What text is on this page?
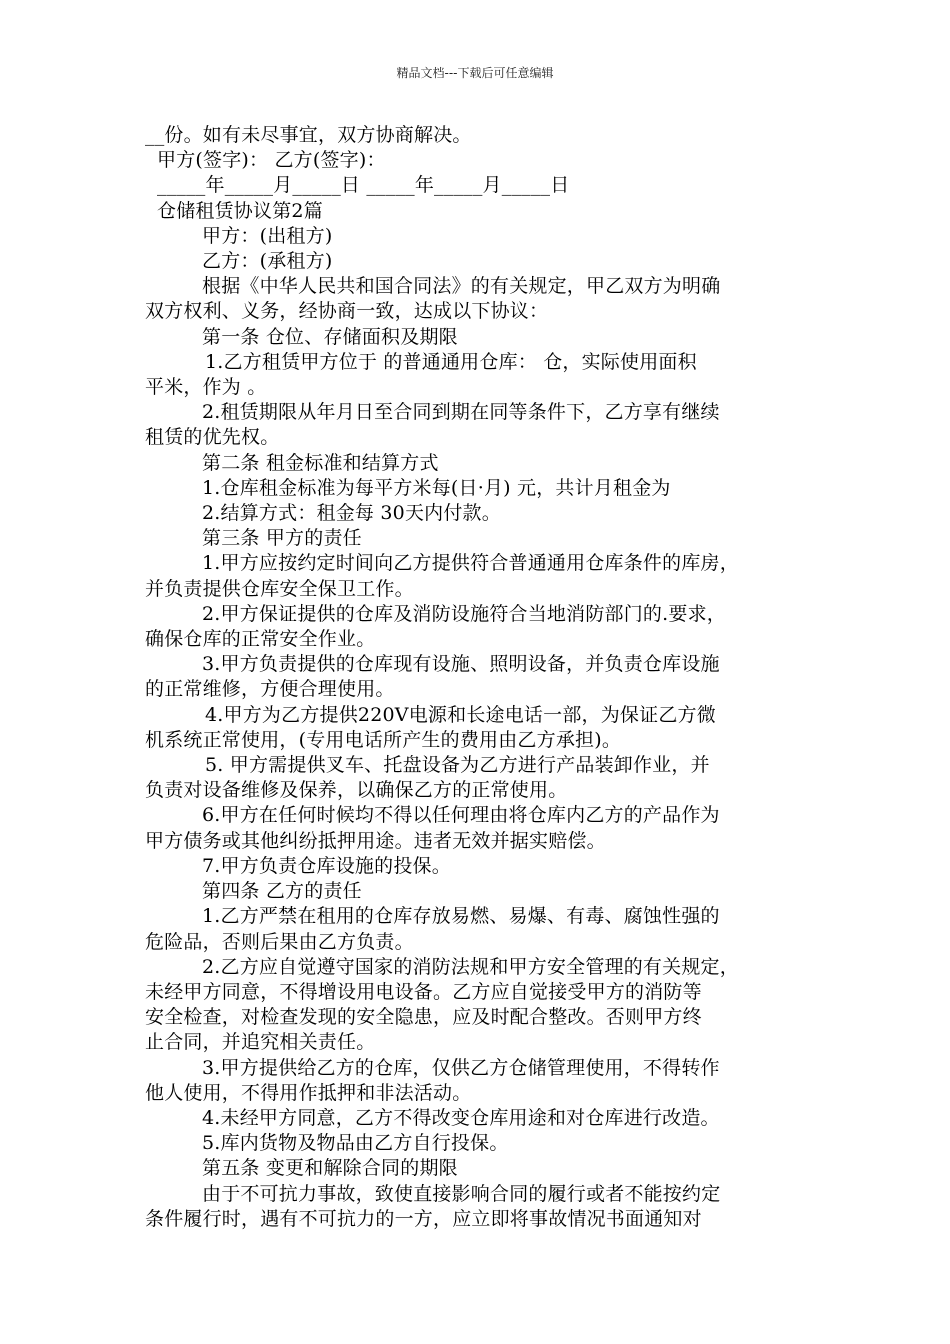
精品文档---下载后可任意编辑
__份。如有未尽事宜，双方协商解决。
甲方(签字)： 乙方(签字)：
_____年_____月_____日 _____年_____月_____日
仓储租赁协议第2篇
甲方：(出租方)
乙方：(承租方)
根据《中华人民共和国合同法》的有关规定，甲乙双方为明确
双方权利、义务，经协商一致，达成以下协议：
第一条 仓位、存储面积及期限
1.乙方租赁甲方位于 的普通通用仓库： 仓，实际使用面积
平米，作为 。
2.租赁期限从年月日至合同到期在同等条件下，乙方享有继续
租赁的优先权。
第二条 租金标准和结算方式
1.仓库租金标准为每平方米每(日·月) 元，共计月租金为
2.结算方式：租金每 30天内付款。
第三条 甲方的责任
1.甲方应按约定时间向乙方提供符合普通通用仓库条件的库房，
并负责提供仓库安全保卫工作。
2.甲方保证提供的仓库及消防设施符合当地消防部门的.要求，
确保仓库的正常安全作业。
3.甲方负责提供的仓库现有设施、照明设备，并负责仓库设施
的正常维修，方便合理使用。
4.甲方为乙方提供220V电源和长途电话一部，为保证乙方微
机系统正常使用，(专用电话所产生的费用由乙方承担)。
5. 甲方需提供叉车、托盘设备为乙方进行产品装卸作业，并
负责对设备维修及保养，以确保乙方的正常使用。
6.甲方在任何时候均不得以任何理由将仓库内乙方的产品作为
甲方债务或其他纠纷抵押用途。违者无效并据实赔偿。
7.甲方负责仓库设施的投保。
第四条 乙方的责任
1.乙方严禁在租用的仓库存放易燃、易爆、有毒、腐蚀性强的
危险品，否则后果由乙方负责。
2.乙方应自觉遵守国家的消防法规和甲方安全管理的有关规定，
未经甲方同意，不得增设用电设备。乙方应自觉接受甲方的消防等
安全检查，对检查发现的安全隐患，应及时配合整改。否则甲方终
止合同，并追究相关责任。
3.甲方提供给乙方的仓库，仅供乙方仓储管理使用，不得转作
他人使用，不得用作抵押和非法活动。
4.未经甲方同意，乙方不得改变仓库用途和对仓库进行改造。
5.库内货物及物品由乙方自行投保。
第五条 变更和解除合同的期限
由于不可抗力事故，致使直接影响合同的履行或者不能按约定
条件履行时，遇有不可抗力的一方，应立即将事故情况书面通知对
